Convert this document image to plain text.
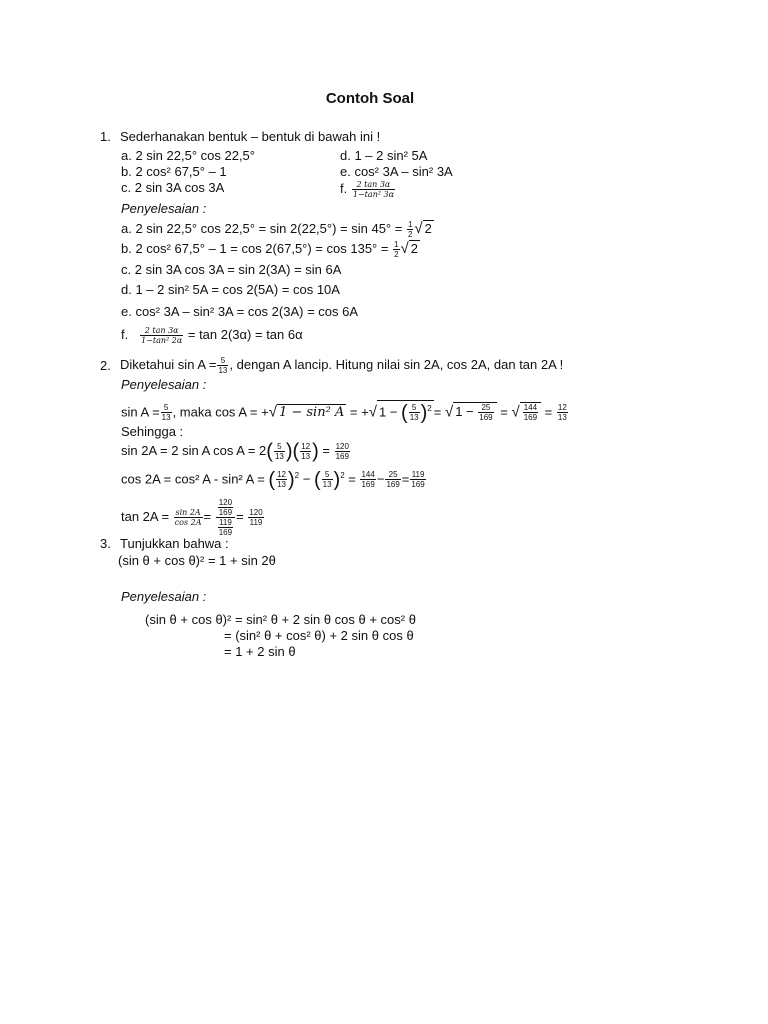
Contoh Soal
1. Sederhanakan bentuk – bentuk di bawah ini !
a. 2 sin 22,5° cos 22,5°
b. 2 cos² 67,5° – 1
c. 2 sin 3A cos 3A
d. 1 – 2 sin² 5A
e. cos² 3A – sin² 3A
f. $\frac{2 \tan 3\alpha}{\text{1−tan² 3α}}$
Penyelesaian :
a. 2 sin 22,5° $\cos 22,5^\circ = \sin 2(22,5^\circ) = \sin 45^\circ = \frac{1}{2}$ √ 2
b. 2 cos² $67,5^\circ - 1 = \cos 2(67,5^\circ) = \cos 135^\circ = \frac{1}{2}$ √ 2
c. 2 sin 3A cos 3A = sin 2(3A) = sin 6A
d. 1 – 2 sin² 5A = cos 2(5A) = cos 10A
e. cos² 3A – sin² 3A = cos 2(3A) = cos 6A
f. $\frac{2 \tan 3\alpha}{\text{1−tan² 2α}} = \tan 2(3\alpha) = \tan 6\alpha$
2. Diketahui $\sin A = \frac{5}{13}$ , dengan A lancip. Hitung nilai sin 2A, cos 2A, dan tan 2A !
Penyelesaian :
$\sin A = \frac{5}{13}$ , maka cos A = +√ 1 − sin² A = +√ 1 − ( $\frac{5}{13} )^2$ = √ $1 - \frac{25}{169}$ = √ $\frac{144}{169} = \frac{12}{13}$
Sehingga :
sin 2A = 2 sin A $\cos A = 2( \frac{5}{13}$ )( $\frac{12}{13}$ ) = $\frac{120}{169}$
cos 2A = cos² A - sin² A = ( $\frac{12}{13} )^2$ − ( $\frac{5}{13} )^2 = \frac{144}{169} - \frac{25}{169} = \frac{119}{169}$
$\tan 2A = \frac{\sin 2A}{\cos 2A} = \frac{\frac{120}{169}}{\frac{119}{169}} = \frac{120}{119}$
3. Tunjukkan bahwa :
(sin θ + cos θ)² = 1 + sin 2θ
Penyelesaian :
(sin θ + cos θ)² = sin² θ + 2 sin θ cos θ + cos² θ
= (sin² θ + cos² θ) + 2 sin θ cos θ
= 1 + 2 sin θ
